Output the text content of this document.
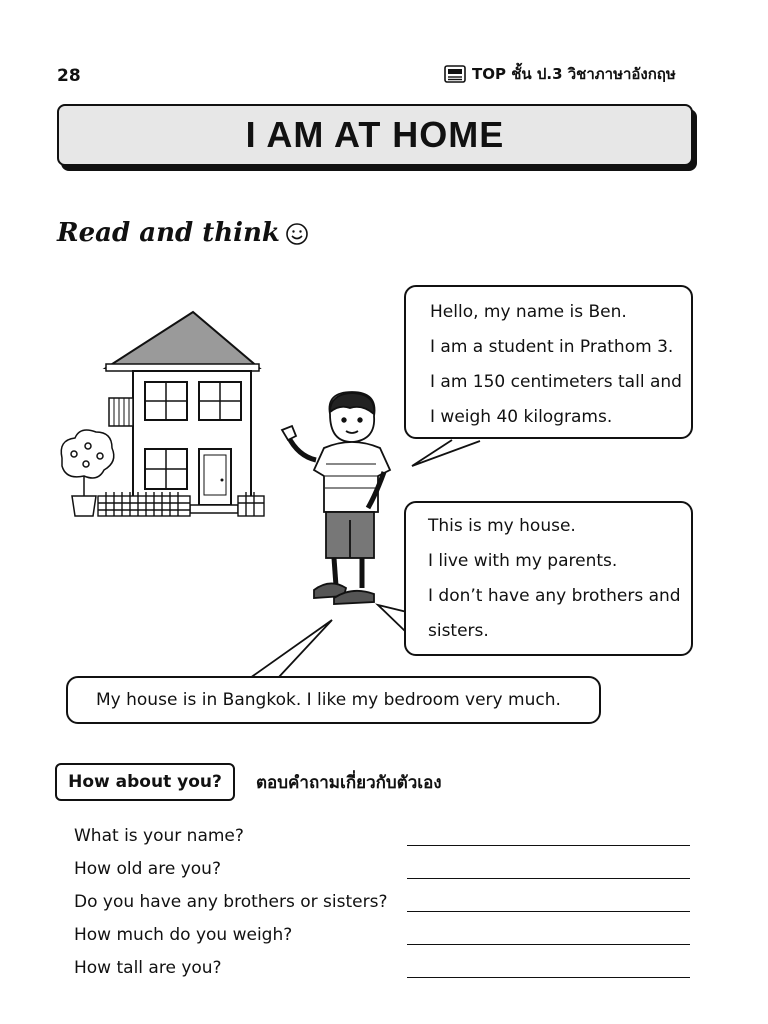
28	TOP ชั้น ป.3 วิชาภาษาอังกฤษ
I AM AT HOME
Read and think
Hello, my name is Ben.
I am a student in Prathom 3.
I am 150 centimeters tall and
I weigh 40 kilograms.
This is my house.
I live with my parents.
I don’t have any brothers and
sisters.
My house is in Bangkok. I like my bedroom very much.
How about you?	ตอบคำถามเกี่ยวกับตัวเอง
What is your name?
How old are you?
Do you have any brothers or sisters?
How much do you weigh?
How tall are you?
